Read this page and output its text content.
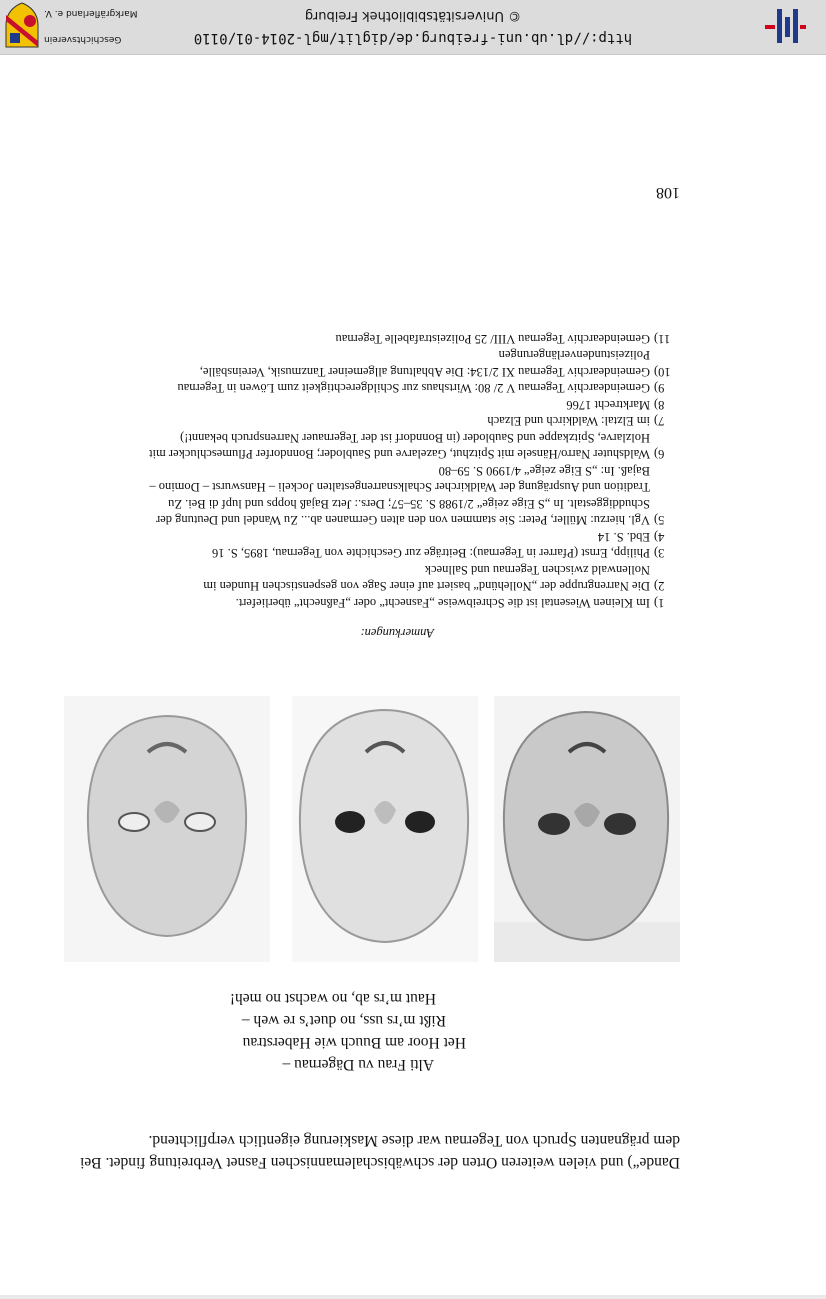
Dande“) und vielen weiteren Orten der schwäbischalemannischen Fasnet Verbreitung findet. Bei dem prägnanten Spruch von Tegernau war diese Maskierung eigentlich verpflichtend.
Alti Frau vu Dägernau –
Het Hoor am Buuch wie Haberstrau
Rißt m’rs uss, no duet’s re weh –
Haut m’rs ab, no wachst no meh!
Anmerkungen:
1)
Im Kleinen Wiesental ist die Schreibweise „Fasnecht“ oder „Faßnecht“ überliefert.
2)
Die Narrengruppe der „Nollehünd“ basiert auf einer Sage von gespenstischen Hunden im Nollenwald zwischen Tegernau und Sallneck
3)
Philipp, Ernst (Pfarrer in Tegernau): Beiträge zur Geschichte von Tegernau, 1895, S. 16
4)
Ebd. S. 14
5)
Vgl. hierzu: Müller, Peter: Sie stammen von den alten Germanen ab... Zu Wandel und Deutung der Schuddiggestalt. In „S Eige zeige“ 2/1988 S. 35–57; Ders.: Jetz Bajaß hopps und lupf di Bei. Zu Tradition und Ausprägung der Waldkircher Schalksnarrengestalten Jockeli – Hanswurst – Domino – Bajaß. In: „S Eige zeige“ 4/1990 S. 59–80
6)
Waldshuter Narro/Hänsele mit Spitzhut, Gazelarve und Saubloder; Bonndorfer Pflumeschlucker mit Holzlarve, Spitzkappe und Saubloder (in Bonndorf ist der Tegernauer Narrenspruch bekannt!)
7)
im Elztal: Waldkirch und Elzach
8)
Marktrecht 1766
9)
Gemeindearchiv Tegernau V 2/ 80: Wirtshaus zur Schildgerechtigkeit zum Löwen in Tegernau
10)
Gemeindearchiv Tegernau XI 2/134: Die Abhaltung allgemeiner Tanzmusik, Vereinsbälle, Polizeistundenverlängerungen
11)
Gemeindearchiv Tegernau VIII/ 25 Polizeistrafabelle Tegernau
108
http://dl.ub.uni-freiburg.de/diglit/mgl-2014-01/0110
© Universitätsbibliothek Freiburg
Geschichtsverein
Markgräflerland e. V.
